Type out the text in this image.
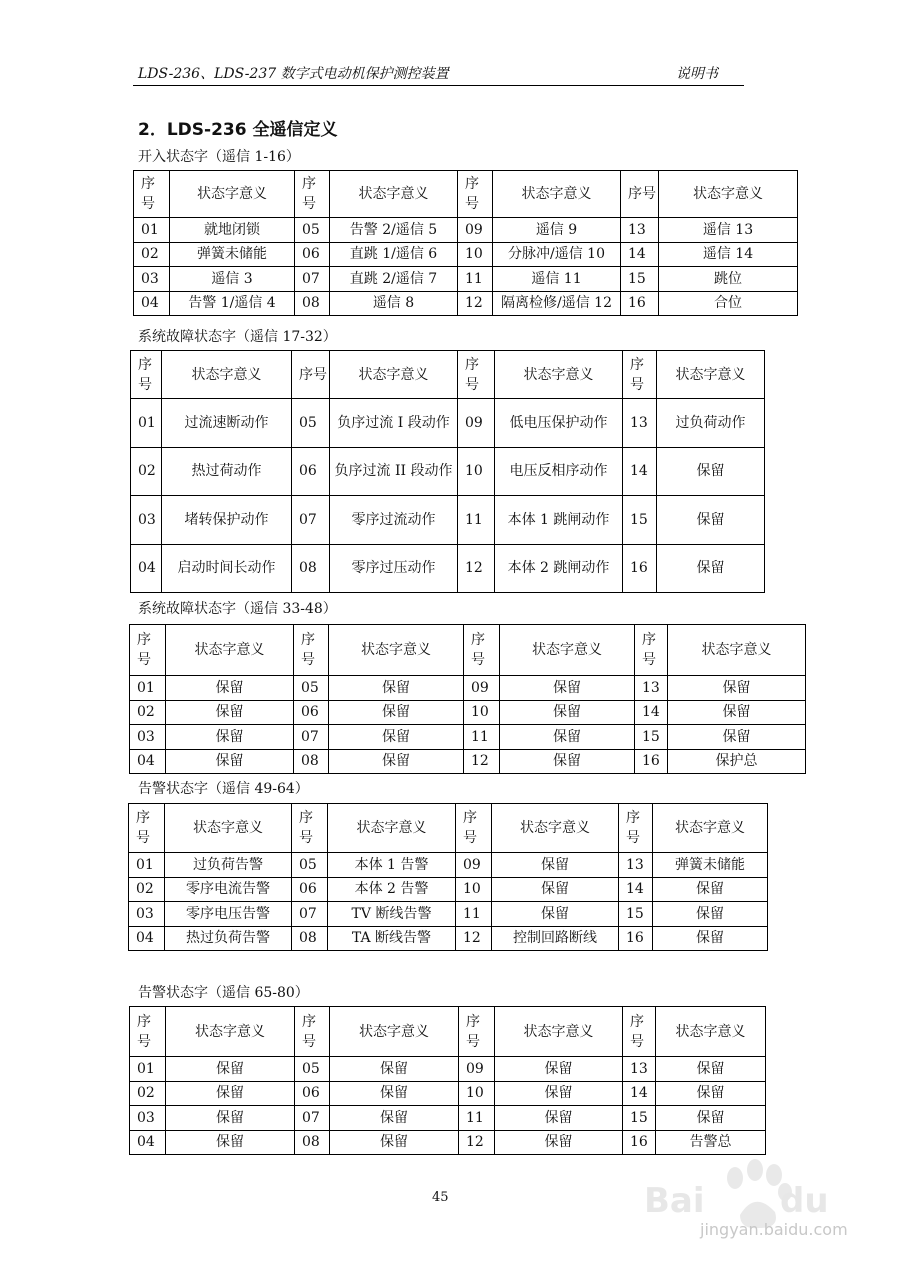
LDS-236、LDS-237 数字式电动机保护测控装置	说明书
2．LDS-236 全遥信定义
开入状态字（遥信 1-16）
系统故障状态字（遥信 17-32）
系统故障状态字（遥信 33-48）
告警状态字（遥信 49-64）
告警状态字（遥信 65-80）
序号	状态字意义	序号	状态字意义	序号	状态字意义	序号	状态字意义
01	就地闭锁	05	告警 2/遥信 5	09	遥信 9	13	遥信 13
02	弹簧未储能	06	直跳 1/遥信 6	10	分脉冲/遥信 10	14	遥信 14
03	遥信 3	07	直跳 2/遥信 7	11	遥信 11	15	跳位
04	告警 1/遥信 4	08	遥信 8	12	隔离检修/遥信 12	16	合位
序号	状态字意义	序号	状态字意义	序号	状态字意义	序号	状态字意义
01	过流速断动作	05	负序过流 I 段动作	09	低电压保护动作	13	过负荷动作
02	热过荷动作	06	负序过流 II 段动作	10	电压反相序动作	14	保留
03	堵转保护动作	07	零序过流动作	11	本体 1 跳闸动作	15	保留
04	启动时间长动作	08	零序过压动作	12	本体 2 跳闸动作	16	保留
序号	状态字意义	序号	状态字意义	序号	状态字意义	序号	状态字意义
01	保留	05	保留	09	保留	13	保留
02	保留	06	保留	10	保留	14	保留
03	保留	07	保留	11	保留	15	保留
04	保留	08	保留	12	保留	16	保护总
序号	状态字意义	序号	状态字意义	序号	状态字意义	序号	状态字意义
01	过负荷告警	05	本体 1 告警	09	保留	13	弹簧未储能
02	零序电流告警	06	本体 2 告警	10	保留	14	保留
03	零序电压告警	07	TV 断线告警	11	保留	15	保留
04	热过负荷告警	08	TA 断线告警	12	控制回路断线	16	保留
序号	状态字意义	序号	状态字意义	序号	状态字意义	序号	状态字意义
01	保留	05	保留	09	保留	13	保留
02	保留	06	保留	10	保留	14	保留
03	保留	07	保留	11	保留	15	保留
04	保留	08	保留	12	保留	16	告警总
45	Bai du
jingyan.baidu.com
